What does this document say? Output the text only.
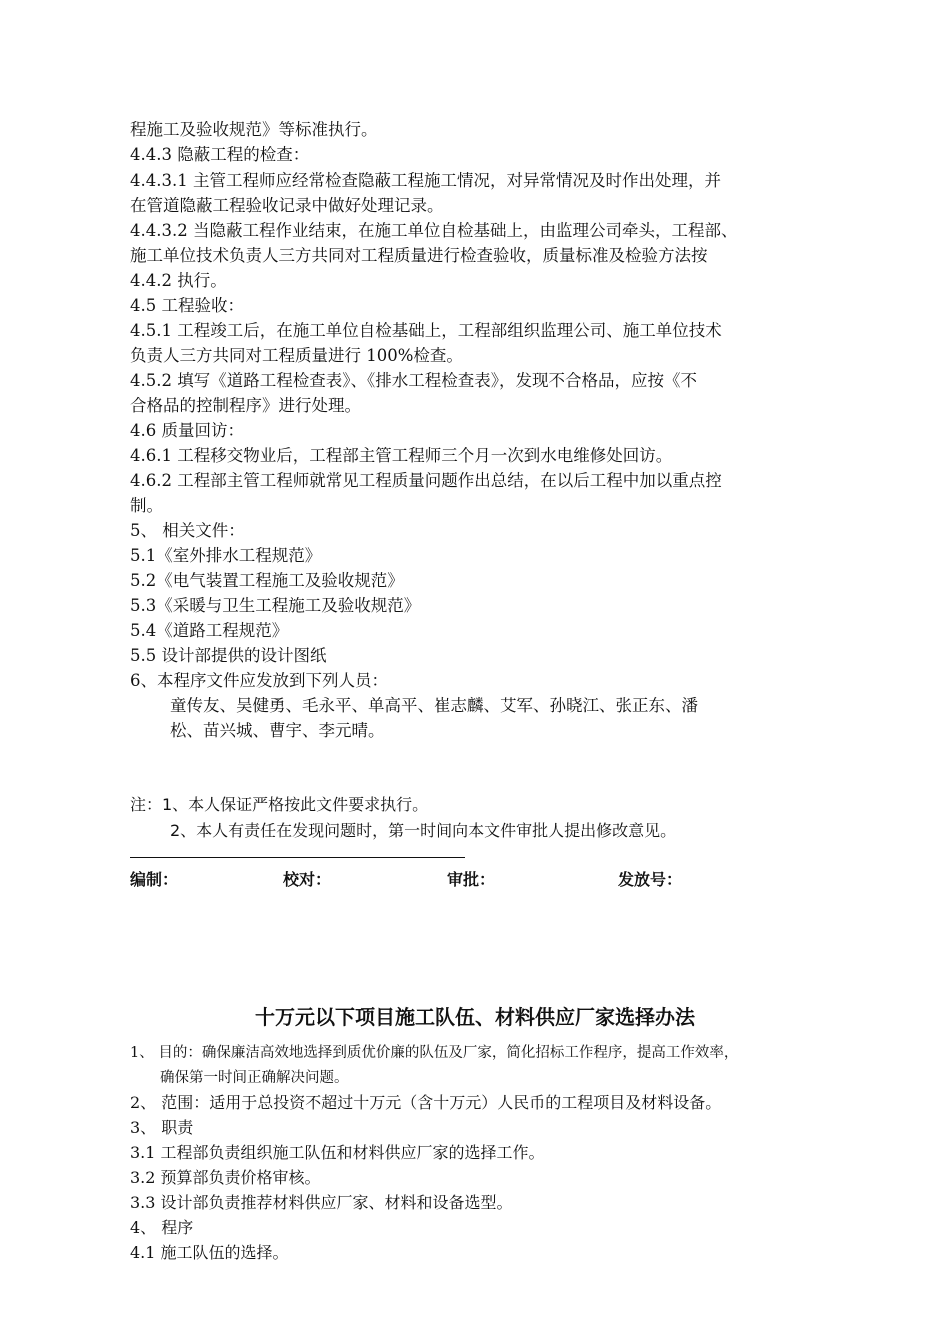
程施工及验收规范》等标准执行。
4.4.3 隐蔽工程的检查：
4.4.3.1 主管工程师应经常检查隐蔽工程施工情况，对异常情况及时作出处理，并
在管道隐蔽工程验收记录中做好处理记录。
4.4.3.2 当隐蔽工程作业结束，在施工单位自检基础上，由监理公司牵头，工程部、
施工单位技术负责人三方共同对工程质量进行检查验收，质量标准及检验方法按
4.4.2 执行。
4.5 工程验收：
4.5.1 工程竣工后，在施工单位自检基础上，工程部组织监理公司、施工单位技术
负责人三方共同对工程质量进行 100%检查。
4.5.2 填写《道路工程检查表》、《排水工程检查表》，发现不合格品，应按《不
合格品的控制程序》进行处理。
4.6 质量回访：
4.6.1 工程移交物业后，工程部主管工程师三个月一次到水电维修处回访。
4.6.2 工程部主管工程师就常见工程质量问题作出总结，在以后工程中加以重点控
制。
5、 相关文件：
5.1《室外排水工程规范》
5.2《电气装置工程施工及验收规范》
5.3《采暖与卫生工程施工及验收规范》
5.4《道路工程规范》
5.5 设计部提供的设计图纸
6、本程序文件应发放到下列人员：
童传友、吴健勇、毛永平、单高平、崔志麟、艾军、孙晓江、张正东、潘
松、苗兴城、曹宇、李元晴。
注：1、本人保证严格按此文件要求执行。
2、本人有责任在发现问题时，第一时间向本文件审批人提出修改意见。
编制：	校对：	审批：	发放号：
十万元以下项目施工队伍、材料供应厂家选择办法
1、 目的：确保廉洁高效地选择到质优价廉的队伍及厂家，简化招标工作程序，提高工作效率，
确保第一时间正确解决问题。
2、 范围：适用于总投资不超过十万元（含十万元）人民币的工程项目及材料设备。
3、 职责
3.1 工程部负责组织施工队伍和材料供应厂家的选择工作。
3.2 预算部负责价格审核。
3.3 设计部负责推荐材料供应厂家、材料和设备选型。
4、 程序
4.1 施工队伍的选择。
